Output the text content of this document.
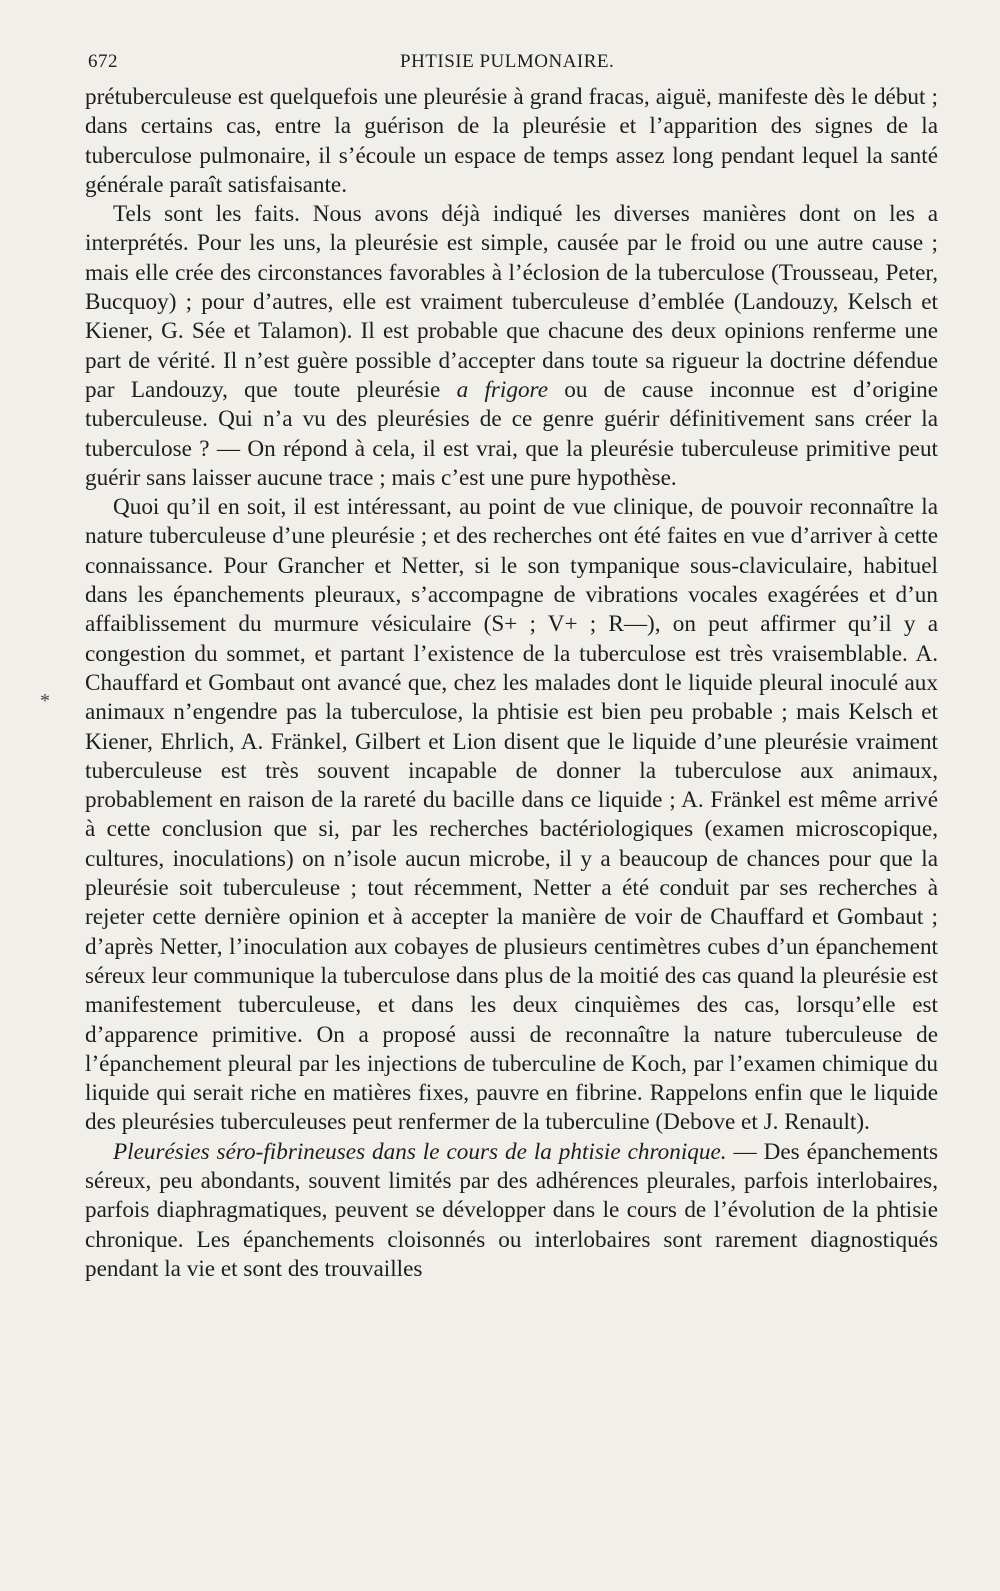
672	PHTISIE PULMONAIRE.
*

prétuberculeuse est quelquefois une pleurésie à grand fracas, aiguë, manifeste dès le début ; dans certains cas, entre la guérison de la pleurésie et l’apparition des signes de la tuberculose pulmonaire, il s’écoule un espace de temps assez long pendant lequel la santé générale paraît satisfaisante.

Tels sont les faits. Nous avons déjà indiqué les diverses manières dont on les a interprétés. Pour les uns, la pleurésie est simple, causée par le froid ou une autre cause ; mais elle crée des circonstances favorables à l’éclosion de la tuberculose (Trousseau, Peter, Bucquoy) ; pour d’autres, elle est vraiment tuberculeuse d’emblée (Landouzy, Kelsch et Kiener, G. Sée et Talamon). Il est probable que chacune des deux opinions renferme une part de vérité. Il n’est guère possible d’accepter dans toute sa rigueur la doctrine défendue par Landouzy, que toute pleurésie a frigore ou de cause inconnue est d’origine tuberculeuse. Qui n’a vu des pleurésies de ce genre guérir définitivement sans créer la tuberculose ? — On répond à cela, il est vrai, que la pleurésie tuberculeuse primitive peut guérir sans laisser aucune trace ; mais c’est une pure hypothèse.

Quoi qu’il en soit, il est intéressant, au point de vue clinique, de pouvoir reconnaître la nature tuberculeuse d’une pleurésie ; et des recherches ont été faites en vue d’arriver à cette connaissance. Pour Grancher et Netter, si le son tympanique sous-claviculaire, habituel dans les épanchements pleuraux, s’accompagne de vibrations vocales exagérées et d’un affaiblissement du murmure vésiculaire (S+ ; V+ ; R—), on peut affirmer qu’il y a congestion du sommet, et partant l’existence de la tuberculose est très vraisemblable. A. Chauffard et Gombaut ont avancé que, chez les malades dont le liquide pleural inoculé aux animaux n’engendre pas la tuberculose, la phtisie est bien peu probable ; mais Kelsch et Kiener, Ehrlich, A. Fränkel, Gilbert et Lion disent que le liquide d’une pleurésie vraiment tuberculeuse est très souvent incapable de donner la tuberculose aux animaux, probablement en raison de la rareté du bacille dans ce liquide ; A. Fränkel est même arrivé à cette conclusion que si, par les recherches bactériologiques (examen microscopique, cultures, inoculations) on n’isole aucun microbe, il y a beaucoup de chances pour que la pleurésie soit tuberculeuse ; tout récemment, Netter a été conduit par ses recherches à rejeter cette dernière opinion et à accepter la manière de voir de Chauffard et Gombaut ; d’après Netter, l’inoculation aux cobayes de plusieurs centimètres cubes d’un épanchement séreux leur communique la tuberculose dans plus de la moitié des cas quand la pleurésie est manifestement tuberculeuse, et dans les deux cinquièmes des cas, lorsqu’elle est d’apparence primitive. On a proposé aussi de reconnaître la nature tuberculeuse de l’épanchement pleural par les injections de tuberculine de Koch, par l’examen chimique du liquide qui serait riche en matières fixes, pauvre en fibrine. Rappelons enfin que le liquide des pleurésies tuberculeuses peut renfermer de la tuberculine (Debove et J. Renault).

Pleurésies séro-fibrineuses dans le cours de la phtisie chronique. — Des épanchements séreux, peu abondants, souvent limités par des adhérences pleurales, parfois interlobaires, parfois diaphragmatiques, peuvent se développer dans le cours de l’évolution de la phtisie chronique. Les épanchements cloisonnés ou interlobaires sont rarement diagnostiqués pendant la vie et sont des trouvailles
